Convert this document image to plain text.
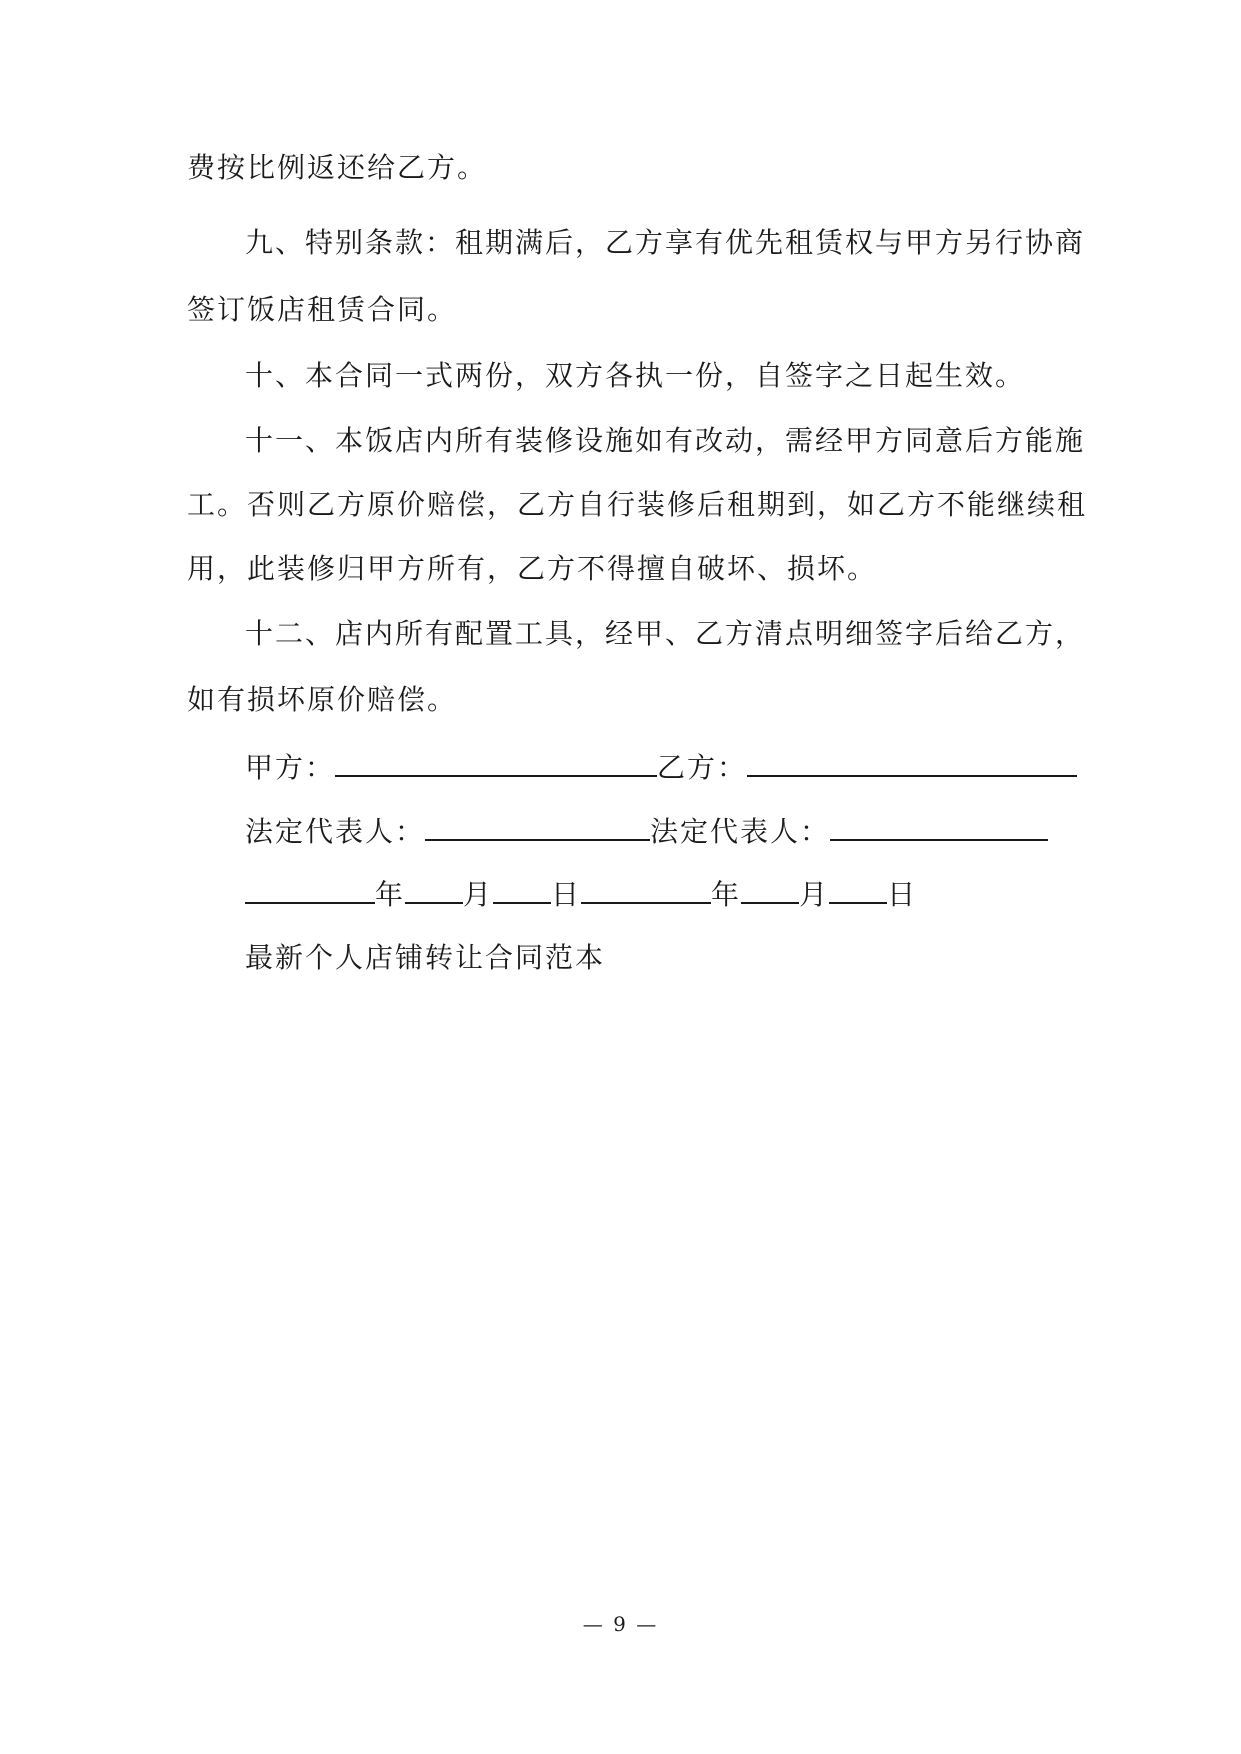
费按比例返还给乙方。
九、特别条款：租期满后，乙方享有优先租赁权与甲方另行协商
签订饭店租赁合同。
十、本合同一式两份，双方各执一份，自签字之日起生效。
十一、本饭店内所有装修设施如有改动，需经甲方同意后方能施
工。否则乙方原价赔偿，乙方自行装修后租期到，如乙方不能继续租
用，此装修归甲方所有，乙方不得擅自破坏、损坏。
十二、店内所有配置工具，经甲、乙方清点明细签字后给乙方，
如有损坏原价赔偿。
甲方：	乙方：
法定代表人：	法定代表人：
年 月 日	年 月 日
最新个人店铺转让合同范本
— 9 —
